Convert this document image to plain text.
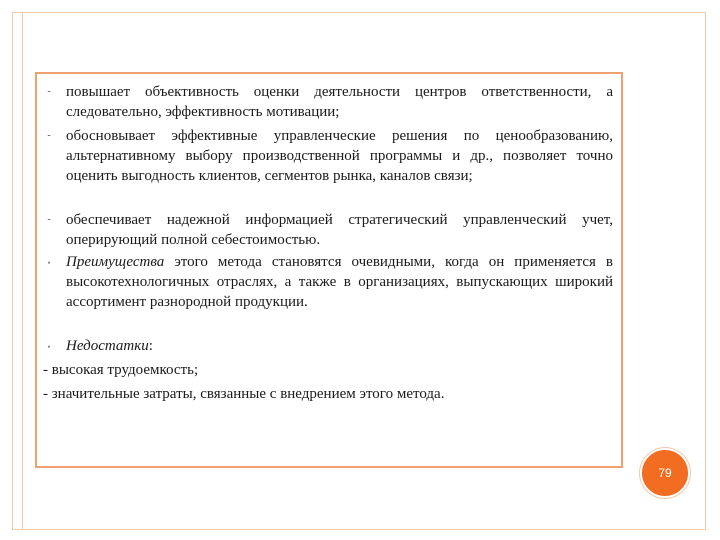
- повышает объективность оценки деятельности центров ответственности, а следовательно, эффективность мотивации;
- обосновывает эффективные управленческие решения по ценообразованию, альтернативному выбору производственной программы и др., позволяет точно оценить выгодность клиентов, сегментов рынка, каналов связи;
- обеспечивает надежной информацией стратегический управленческий учет, оперирующий полной себестоимостью.
• Преимущества этого метода становятся очевидными, когда он применяется в высокотехнологичных отраслях, а также в организациях, выпускающих широкий ассортимент разнородной продукции.
• Недостатки:
- высокая трудоемкость;
- значительные затраты, связанные с внедрением этого метода.
79
